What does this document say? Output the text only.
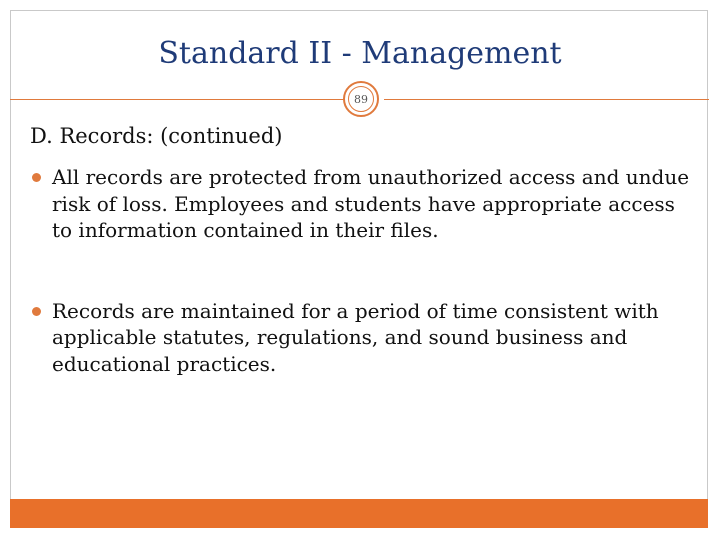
Standard II - Management
89
D. Records: (continued)
All records are protected from unauthorized access and undue risk of loss. Employees and students have appropriate access to information contained in their files.
Records are maintained for a period of time consistent with applicable statutes, regulations, and sound business and educational practices.
